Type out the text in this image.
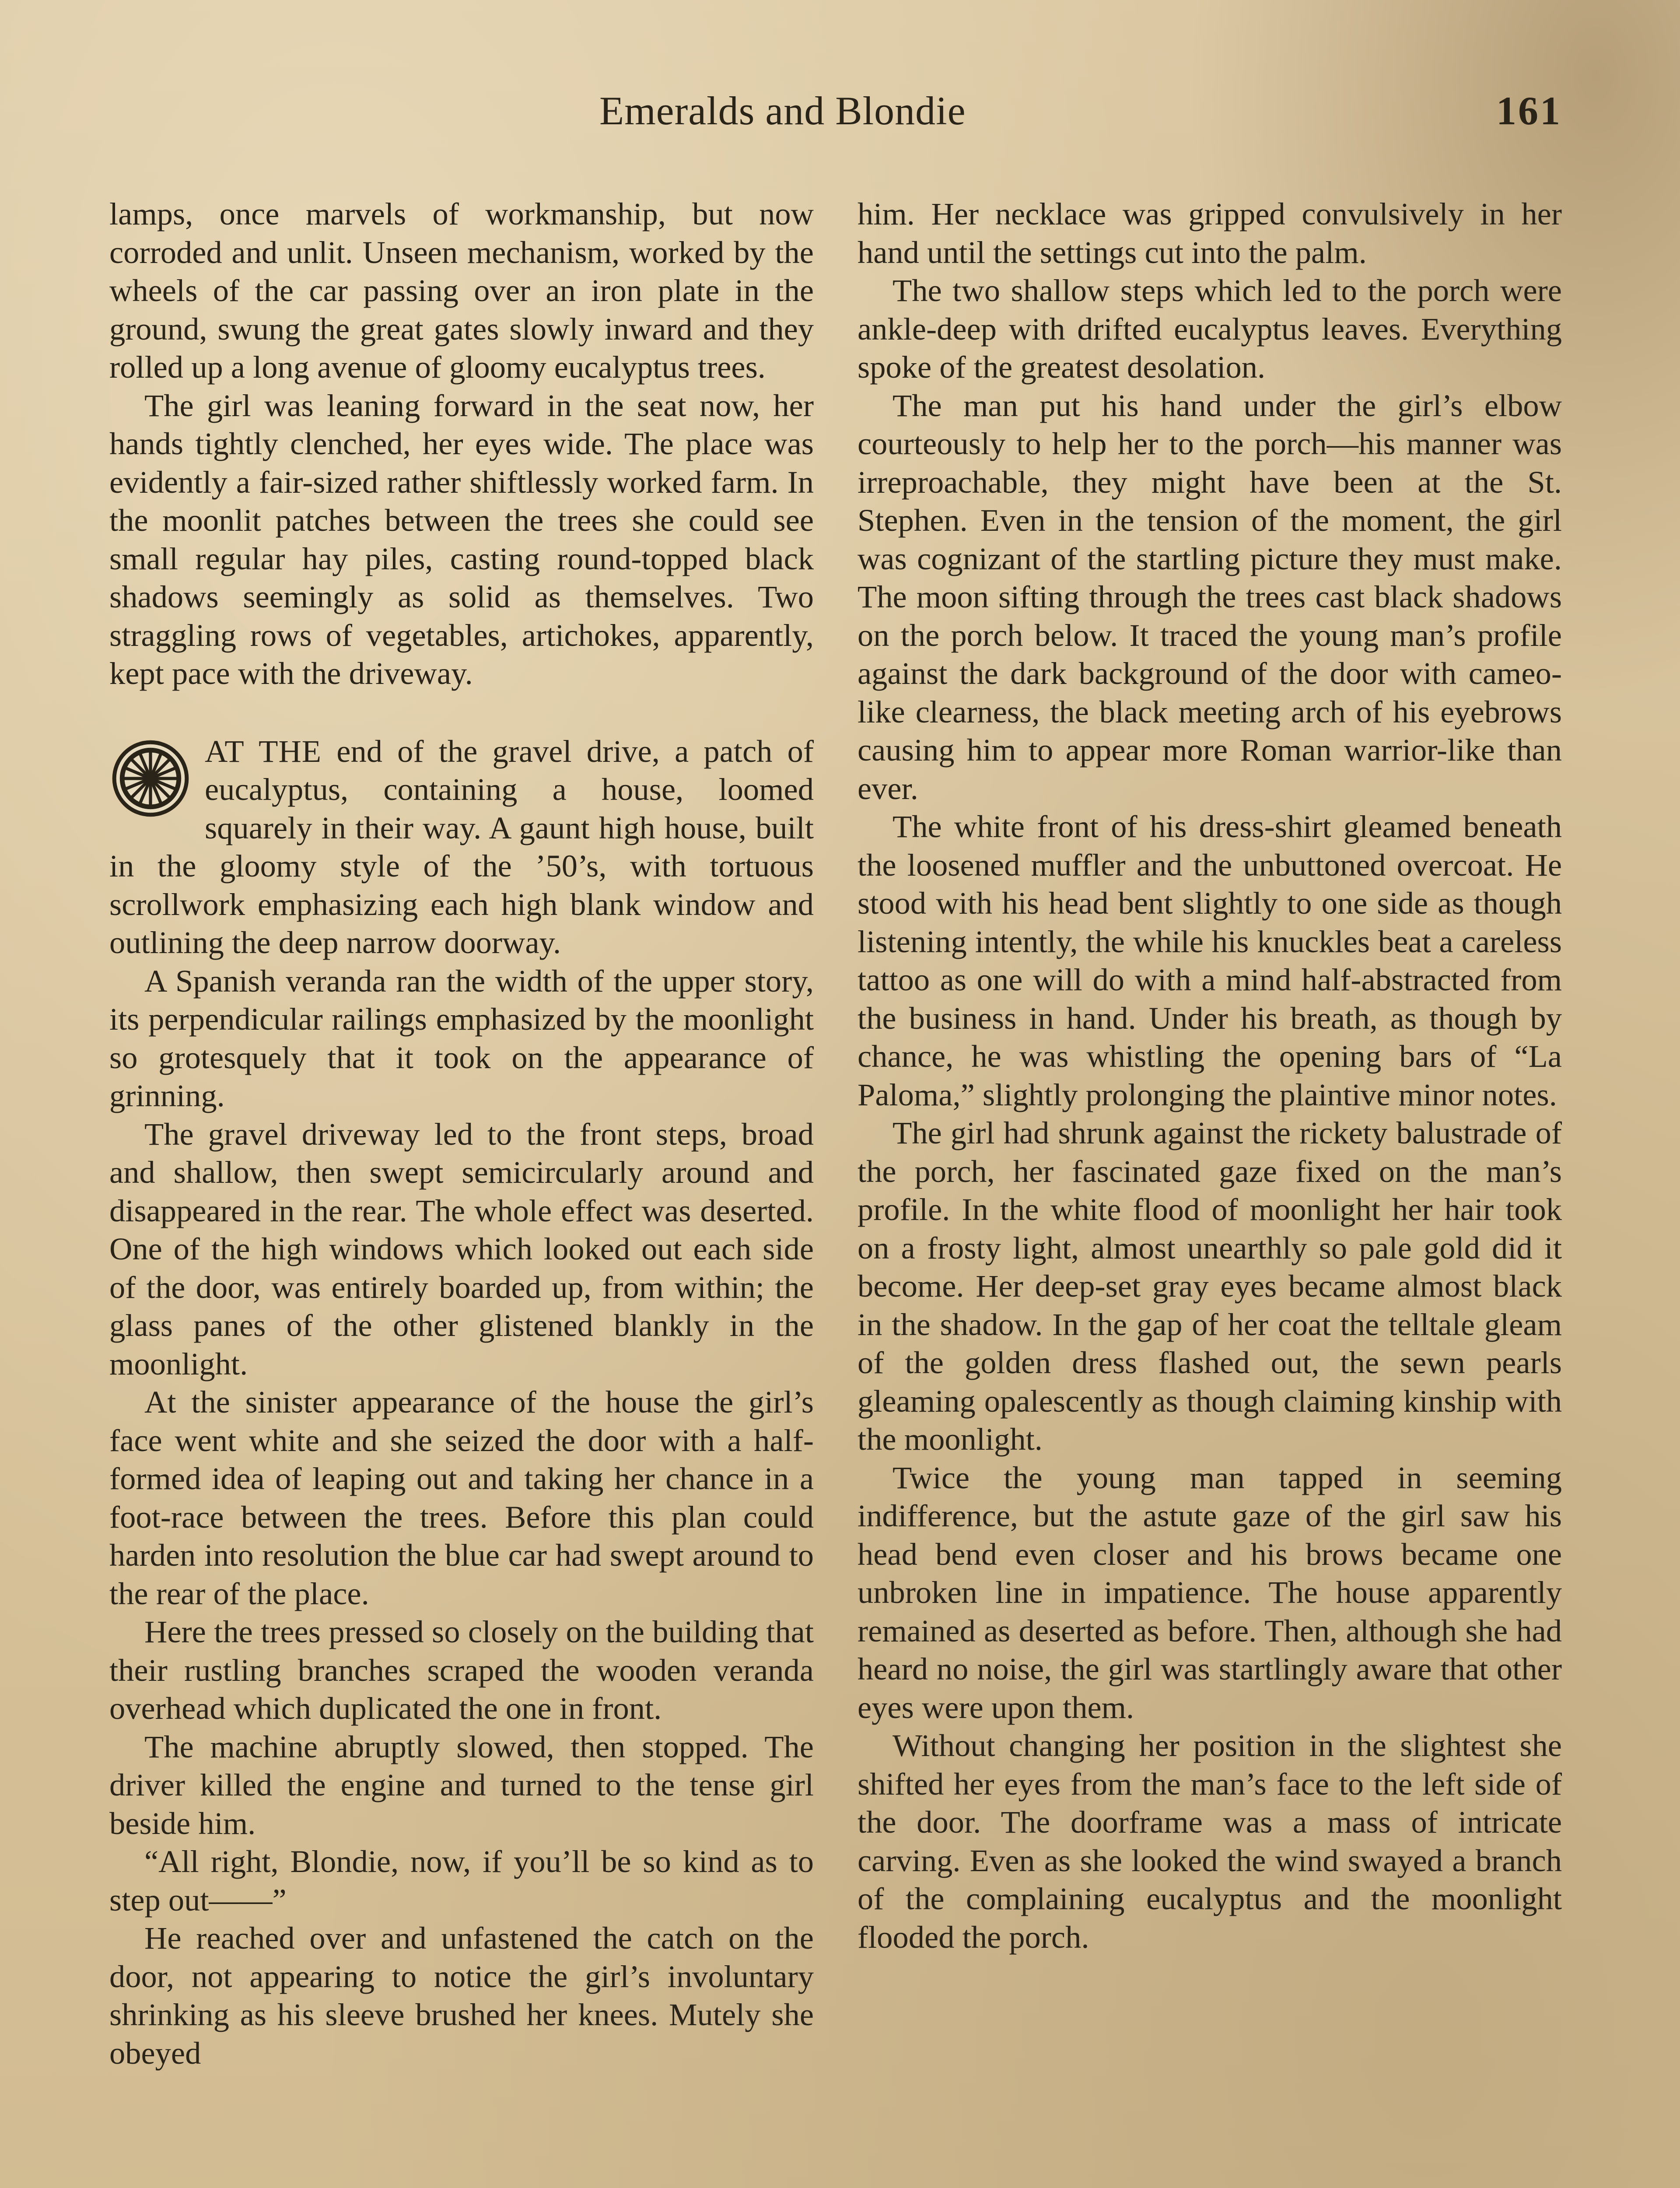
Emeralds and Blondie	161

lamps, once marvels of workmanship, but now corroded and unlit. Unseen mechanism, worked by the wheels of the car passing over an iron plate in the ground, swung the great gates slowly inward and they rolled up a long avenue of gloomy eucalyptus trees.

The girl was leaning forward in the seat now, her hands tightly clenched, her eyes wide. The place was evidently a fair-sized rather shiftlessly worked farm. In the moonlit patches between the trees she could see small regular hay piles, casting round-topped black shadows seemingly as solid as themselves. Two straggling rows of vegetables, artichokes, apparently, kept pace with the driveway.

AT THE end of the gravel drive, a patch of eucalyptus, containing a house, loomed squarely in their way. A gaunt high house, built in the gloomy style of the ’50’s, with tortuous scrollwork emphasizing each high blank window and outlining the deep narrow doorway.

A Spanish veranda ran the width of the upper story, its perpendicular railings emphasized by the moonlight so grotesquely that it took on the appearance of grinning.

The gravel driveway led to the front steps, broad and shallow, then swept semicircularly around and disappeared in the rear. The whole effect was deserted. One of the high windows which looked out each side of the door, was entirely boarded up, from within; the glass panes of the other glistened blankly in the moonlight.

At the sinister appearance of the house the girl’s face went white and she seized the door with a half-formed idea of leaping out and taking her chance in a foot-race between the trees. Before this plan could harden into resolution the blue car had swept around to the rear of the place.

Here the trees pressed so closely on the building that their rustling branches scraped the wooden veranda overhead which duplicated the one in front.

The machine abruptly slowed, then stopped. The driver killed the engine and turned to the tense girl beside him.

“All right, Blondie, now, if you’ll be so kind as to step out——”

He reached over and unfastened the catch on the door, not appearing to notice the girl’s involuntary shrinking as his sleeve brushed her knees. Mutely she obeyed

him. Her necklace was gripped convulsively in her hand until the settings cut into the palm.

The two shallow steps which led to the porch were ankle-deep with drifted eucalyptus leaves. Everything spoke of the greatest desolation.

The man put his hand under the girl’s elbow courteously to help her to the porch—his manner was irreproachable, they might have been at the St. Stephen. Even in the tension of the moment, the girl was cognizant of the startling picture they must make. The moon sifting through the trees cast black shadows on the porch below. It traced the young man’s profile against the dark background of the door with cameo-like clearness, the black meeting arch of his eyebrows causing him to appear more Roman warrior-like than ever.

The white front of his dress-shirt gleamed beneath the loosened muffler and the unbuttoned overcoat. He stood with his head bent slightly to one side as though listening intently, the while his knuckles beat a careless tattoo as one will do with a mind half-abstracted from the business in hand. Under his breath, as though by chance, he was whistling the opening bars of “La Paloma,” slightly prolonging the plaintive minor notes.

The girl had shrunk against the rickety balustrade of the porch, her fascinated gaze fixed on the man’s profile. In the white flood of moonlight her hair took on a frosty light, almost unearthly so pale gold did it become. Her deep-set gray eyes became almost black in the shadow. In the gap of her coat the telltale gleam of the golden dress flashed out, the sewn pearls gleaming opalescently as though claiming kinship with the moonlight.

Twice the young man tapped in seeming indifference, but the astute gaze of the girl saw his head bend even closer and his brows became one unbroken line in impatience. The house apparently remained as deserted as before. Then, although she had heard no noise, the girl was startlingly aware that other eyes were upon them.

Without changing her position in the slightest she shifted her eyes from the man’s face to the left side of the door. The doorframe was a mass of intricate carving. Even as she looked the wind swayed a branch of the complaining eucalyptus and the moonlight flooded the porch.
